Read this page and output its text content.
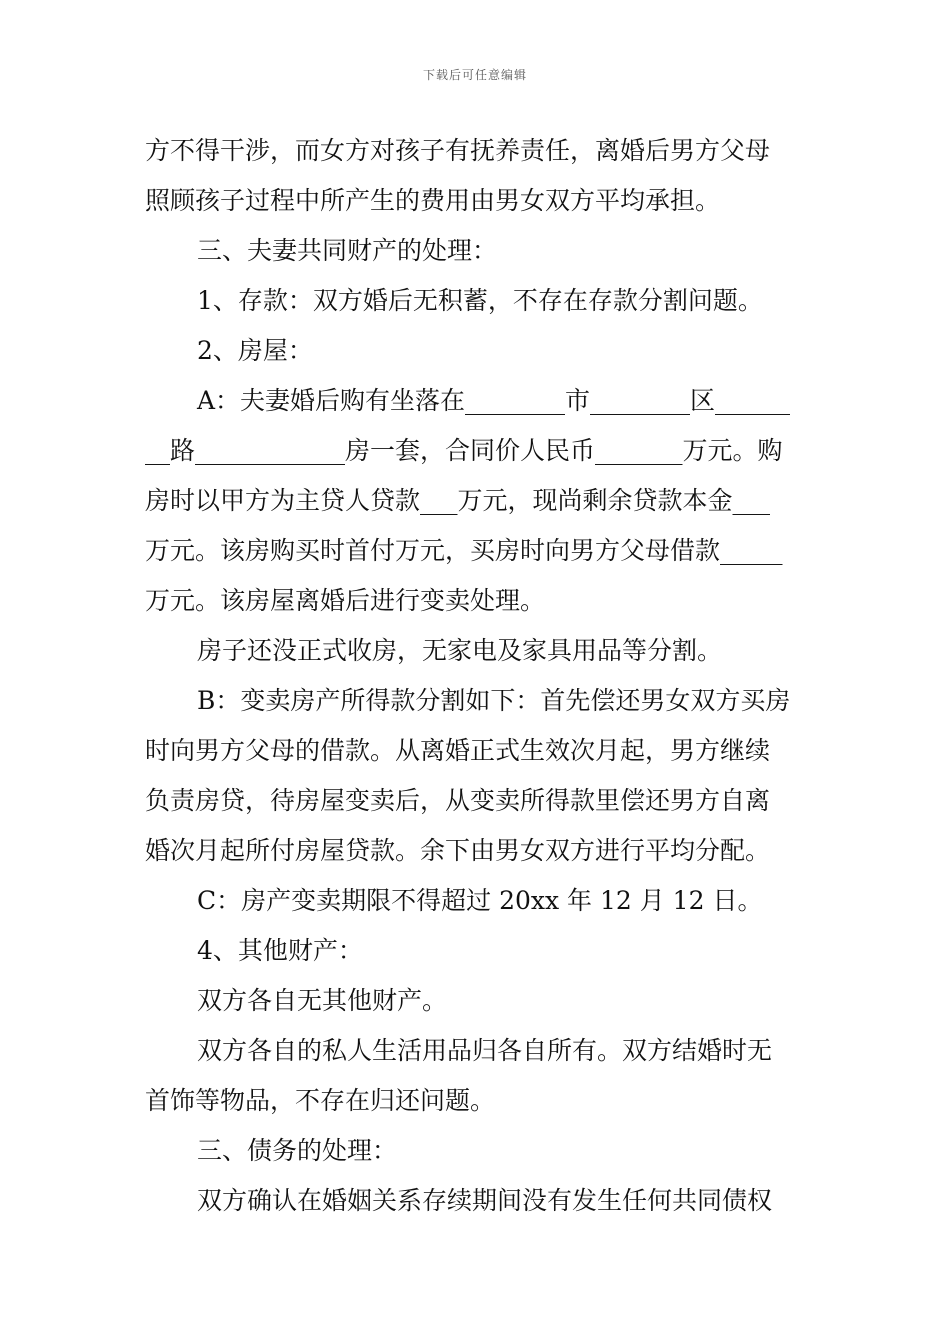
下载后可任意编辑
方不得干涉，而女方对孩子有抚养责任，离婚后男方父母
照顾孩子过程中所产生的费用由男女双方平均承担。
三、夫妻共同财产的处理：
1、存款：双方婚后无积蓄，不存在存款分割问题。
2、房屋：
A：夫妻婚后购有坐落在________市________区______
__路____________房一套，合同价人民币_______万元。购
房时以甲方为主贷人贷款___万元，现尚剩余贷款本金___
万元。该房购买时首付万元，买房时向男方父母借款_____
万元。该房屋离婚后进行变卖处理。
房子还没正式收房，无家电及家具用品等分割。
B：变卖房产所得款分割如下：首先偿还男女双方买房
时向男方父母的借款。从离婚正式生效次月起，男方继续
负责房贷，待房屋变卖后，从变卖所得款里偿还男方自离
婚次月起所付房屋贷款。余下由男女双方进行平均分配。
C：房产变卖期限不得超过 20xx 年 12 月 12 日。
4、其他财产：
双方各自无其他财产。
双方各自的私人生活用品归各自所有。双方结婚时无
首饰等物品，不存在归还问题。
三、债务的处理：
双方确认在婚姻关系存续期间没有发生任何共同债权
